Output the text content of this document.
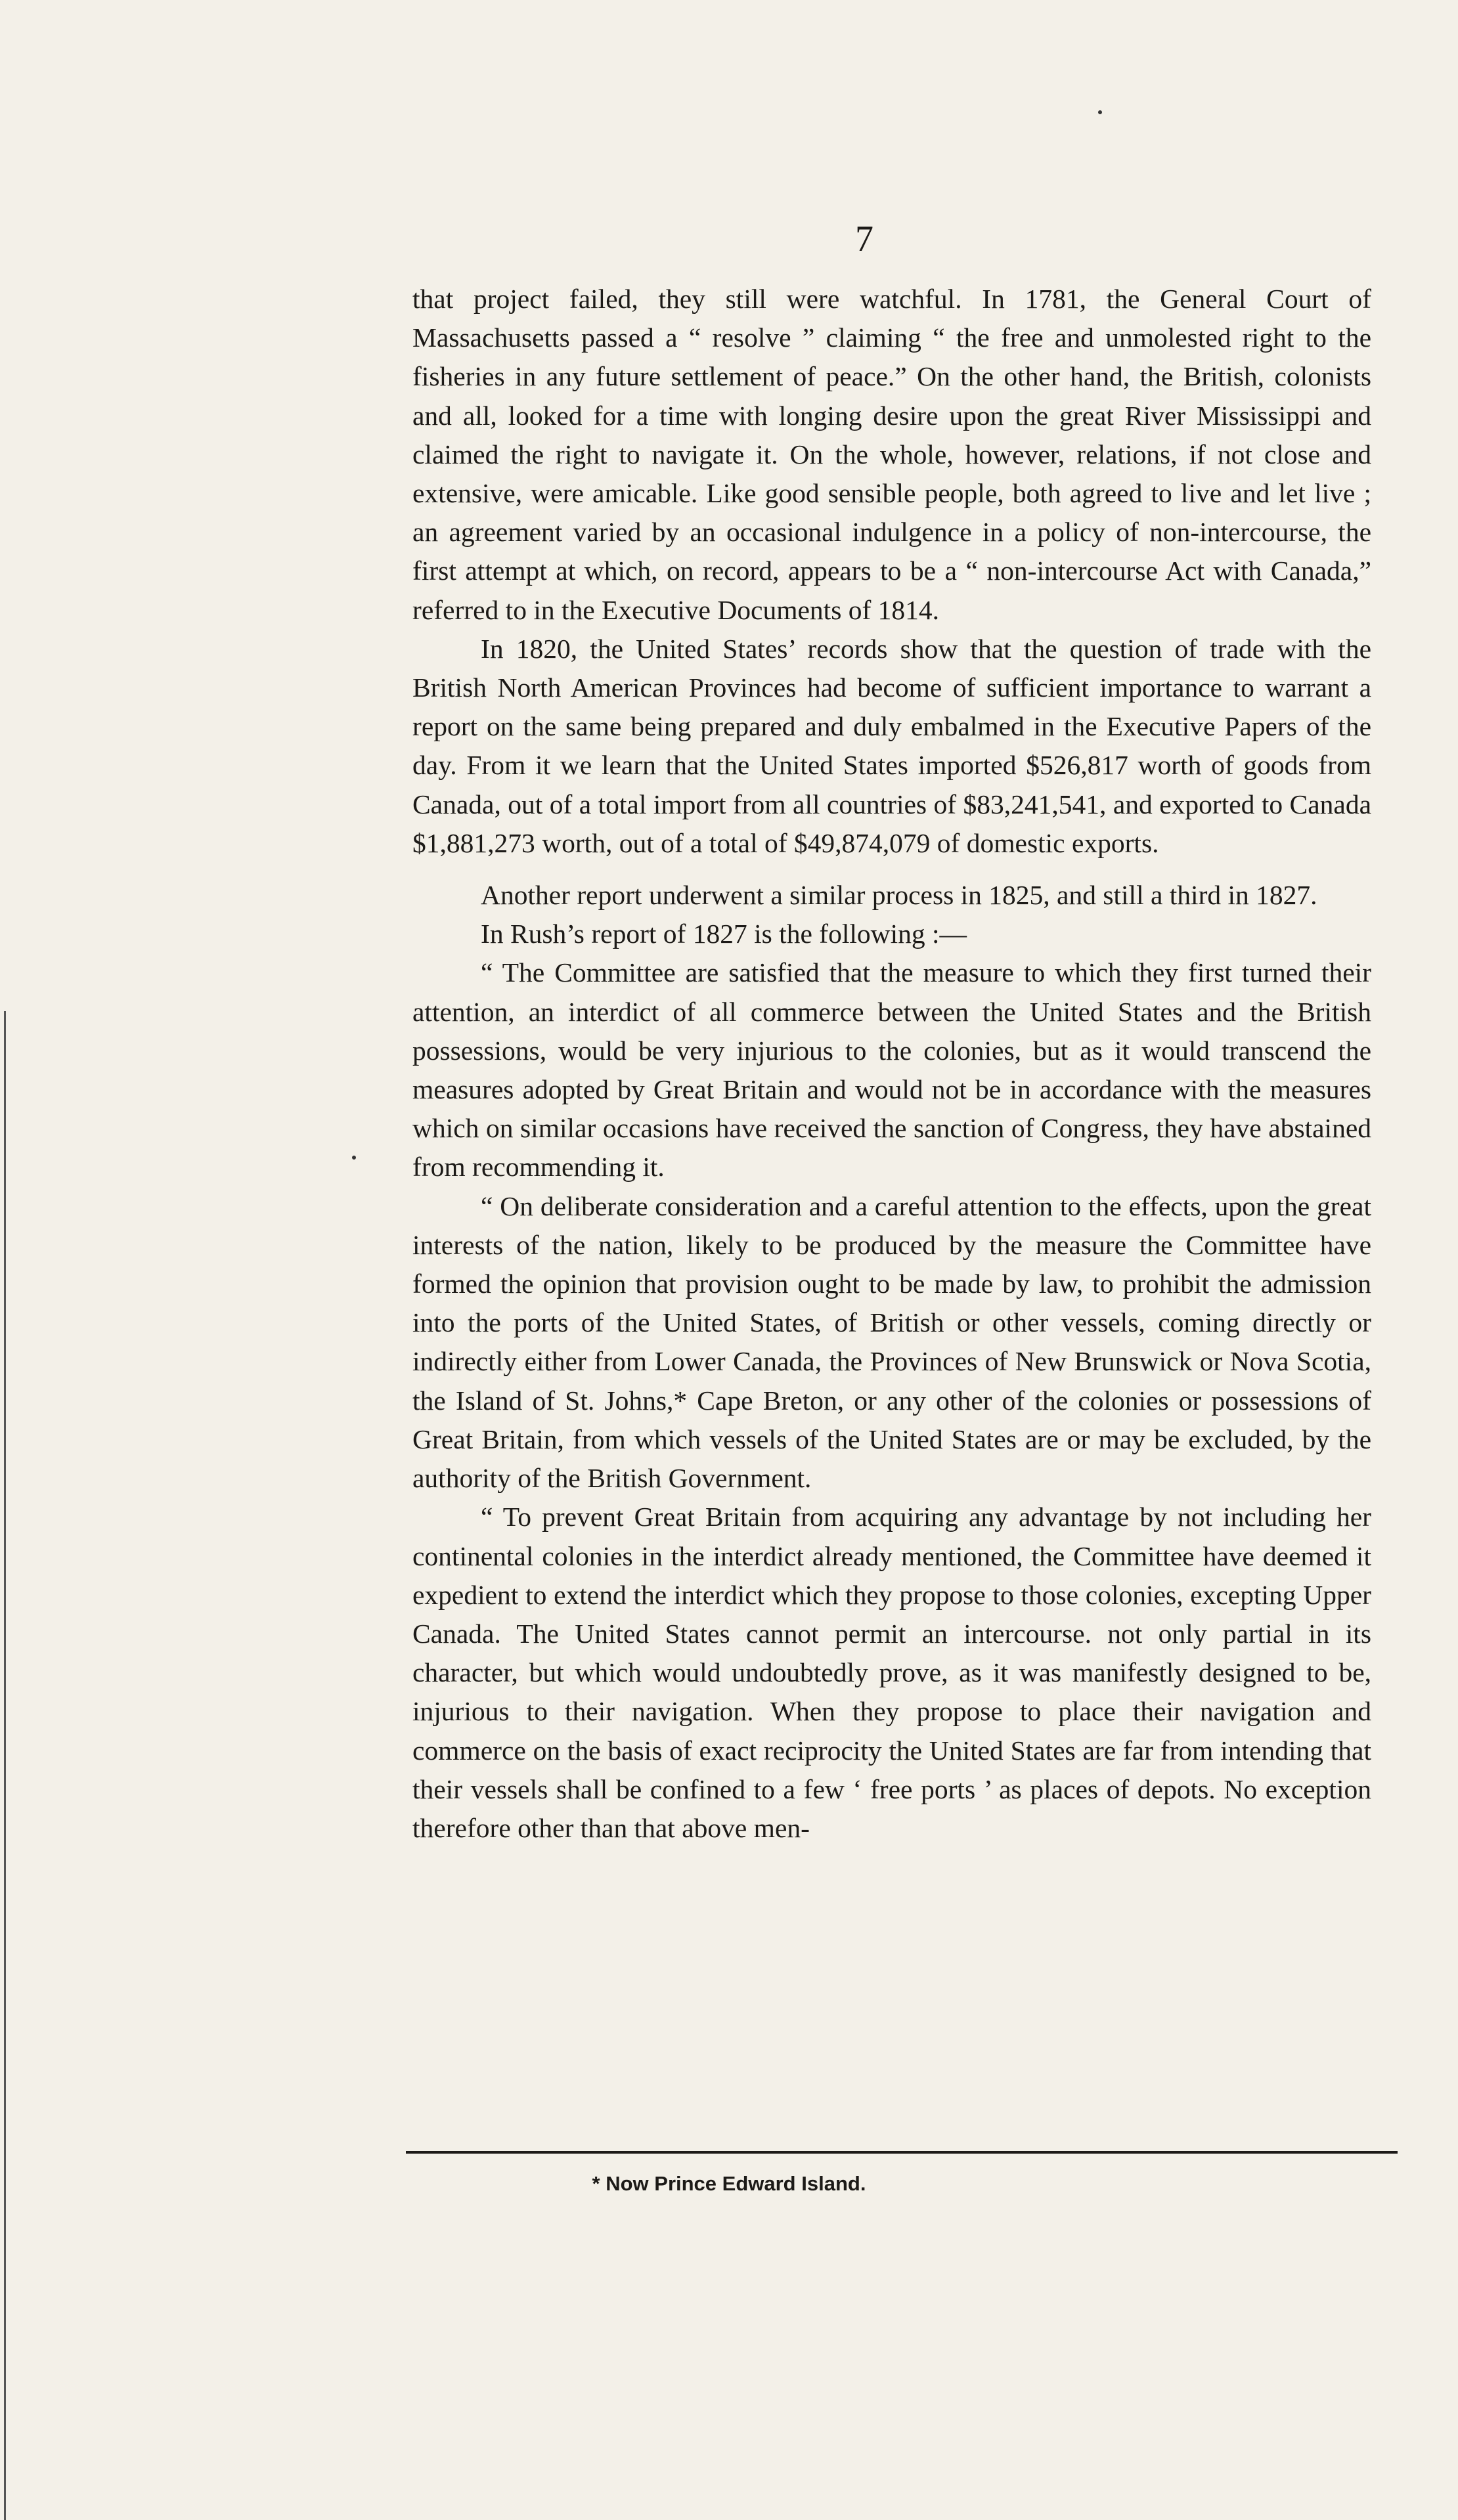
7

that project failed, they still were watchful. In 1781, the General Court of Massachusetts passed a “ resolve ” claiming “ the free and unmolested right to the fisheries in any future settlement of peace.” On the other hand, the British, colonists and all, looked for a time with longing desire upon the great River Mississippi and claimed the right to navigate it. On the whole, however, relations, if not close and extensive, were amicable. Like good sensible people, both agreed to live and let live ; an agreement varied by an occasional indulgence in a policy of non-intercourse, the first attempt at which, on record, appears to be a “ non-intercourse Act with Canada,” referred to in the Executive Documents of 1814.

In 1820, the United States’ records show that the question of trade with the British North American Provinces had become of sufficient importance to warrant a report on the same being prepared and duly embalmed in the Executive Papers of the day. From it we learn that the United States imported $526,817 worth of goods from Canada, out of a total import from all countries of $83,241,541, and exported to Canada $1,881,273 worth, out of a total of $49,874,079 of domestic exports.

Another report underwent a similar process in 1825, and still a third in 1827.

In Rush’s report of 1827 is the following :—

“ The Committee are satisfied that the measure to which they first turned their attention, an interdict of all commerce between the United States and the British possessions, would be very injurious to the colonies, but as it would transcend the measures adopted by Great Britain and would not be in accordance with the measures which on similar occasions have received the sanction of Congress, they have abstained from recommending it.

“ On deliberate consideration and a careful attention to the effects, upon the great interests of the nation, likely to be produced by the measure the Committee have formed the opinion that provision ought to be made by law, to prohibit the admission into the ports of the United States, of British or other vessels, coming directly or indirectly either from Lower Canada, the Provinces of New Brunswick or Nova Scotia, the Island of St. Johns,* Cape Breton, or any other of the colonies or possessions of Great Britain, from which vessels of the United States are or may be excluded, by the authority of the British Government.

“ To prevent Great Britain from acquiring any advantage by not including her continental colonies in the interdict already mentioned, the Committee have deemed it expedient to extend the interdict which they propose to those colonies, excepting Upper Canada. The United States cannot permit an intercourse. not only partial in its character, but which would undoubtedly prove, as it was manifestly designed to be, injurious to their navigation. When they propose to place their navigation and commerce on the basis of exact reciprocity the United States are far from intending that their vessels shall be confined to a few ‘ free ports ’ as places of depots. No exception therefore other than that above men-

* Now Prince Edward Island.
